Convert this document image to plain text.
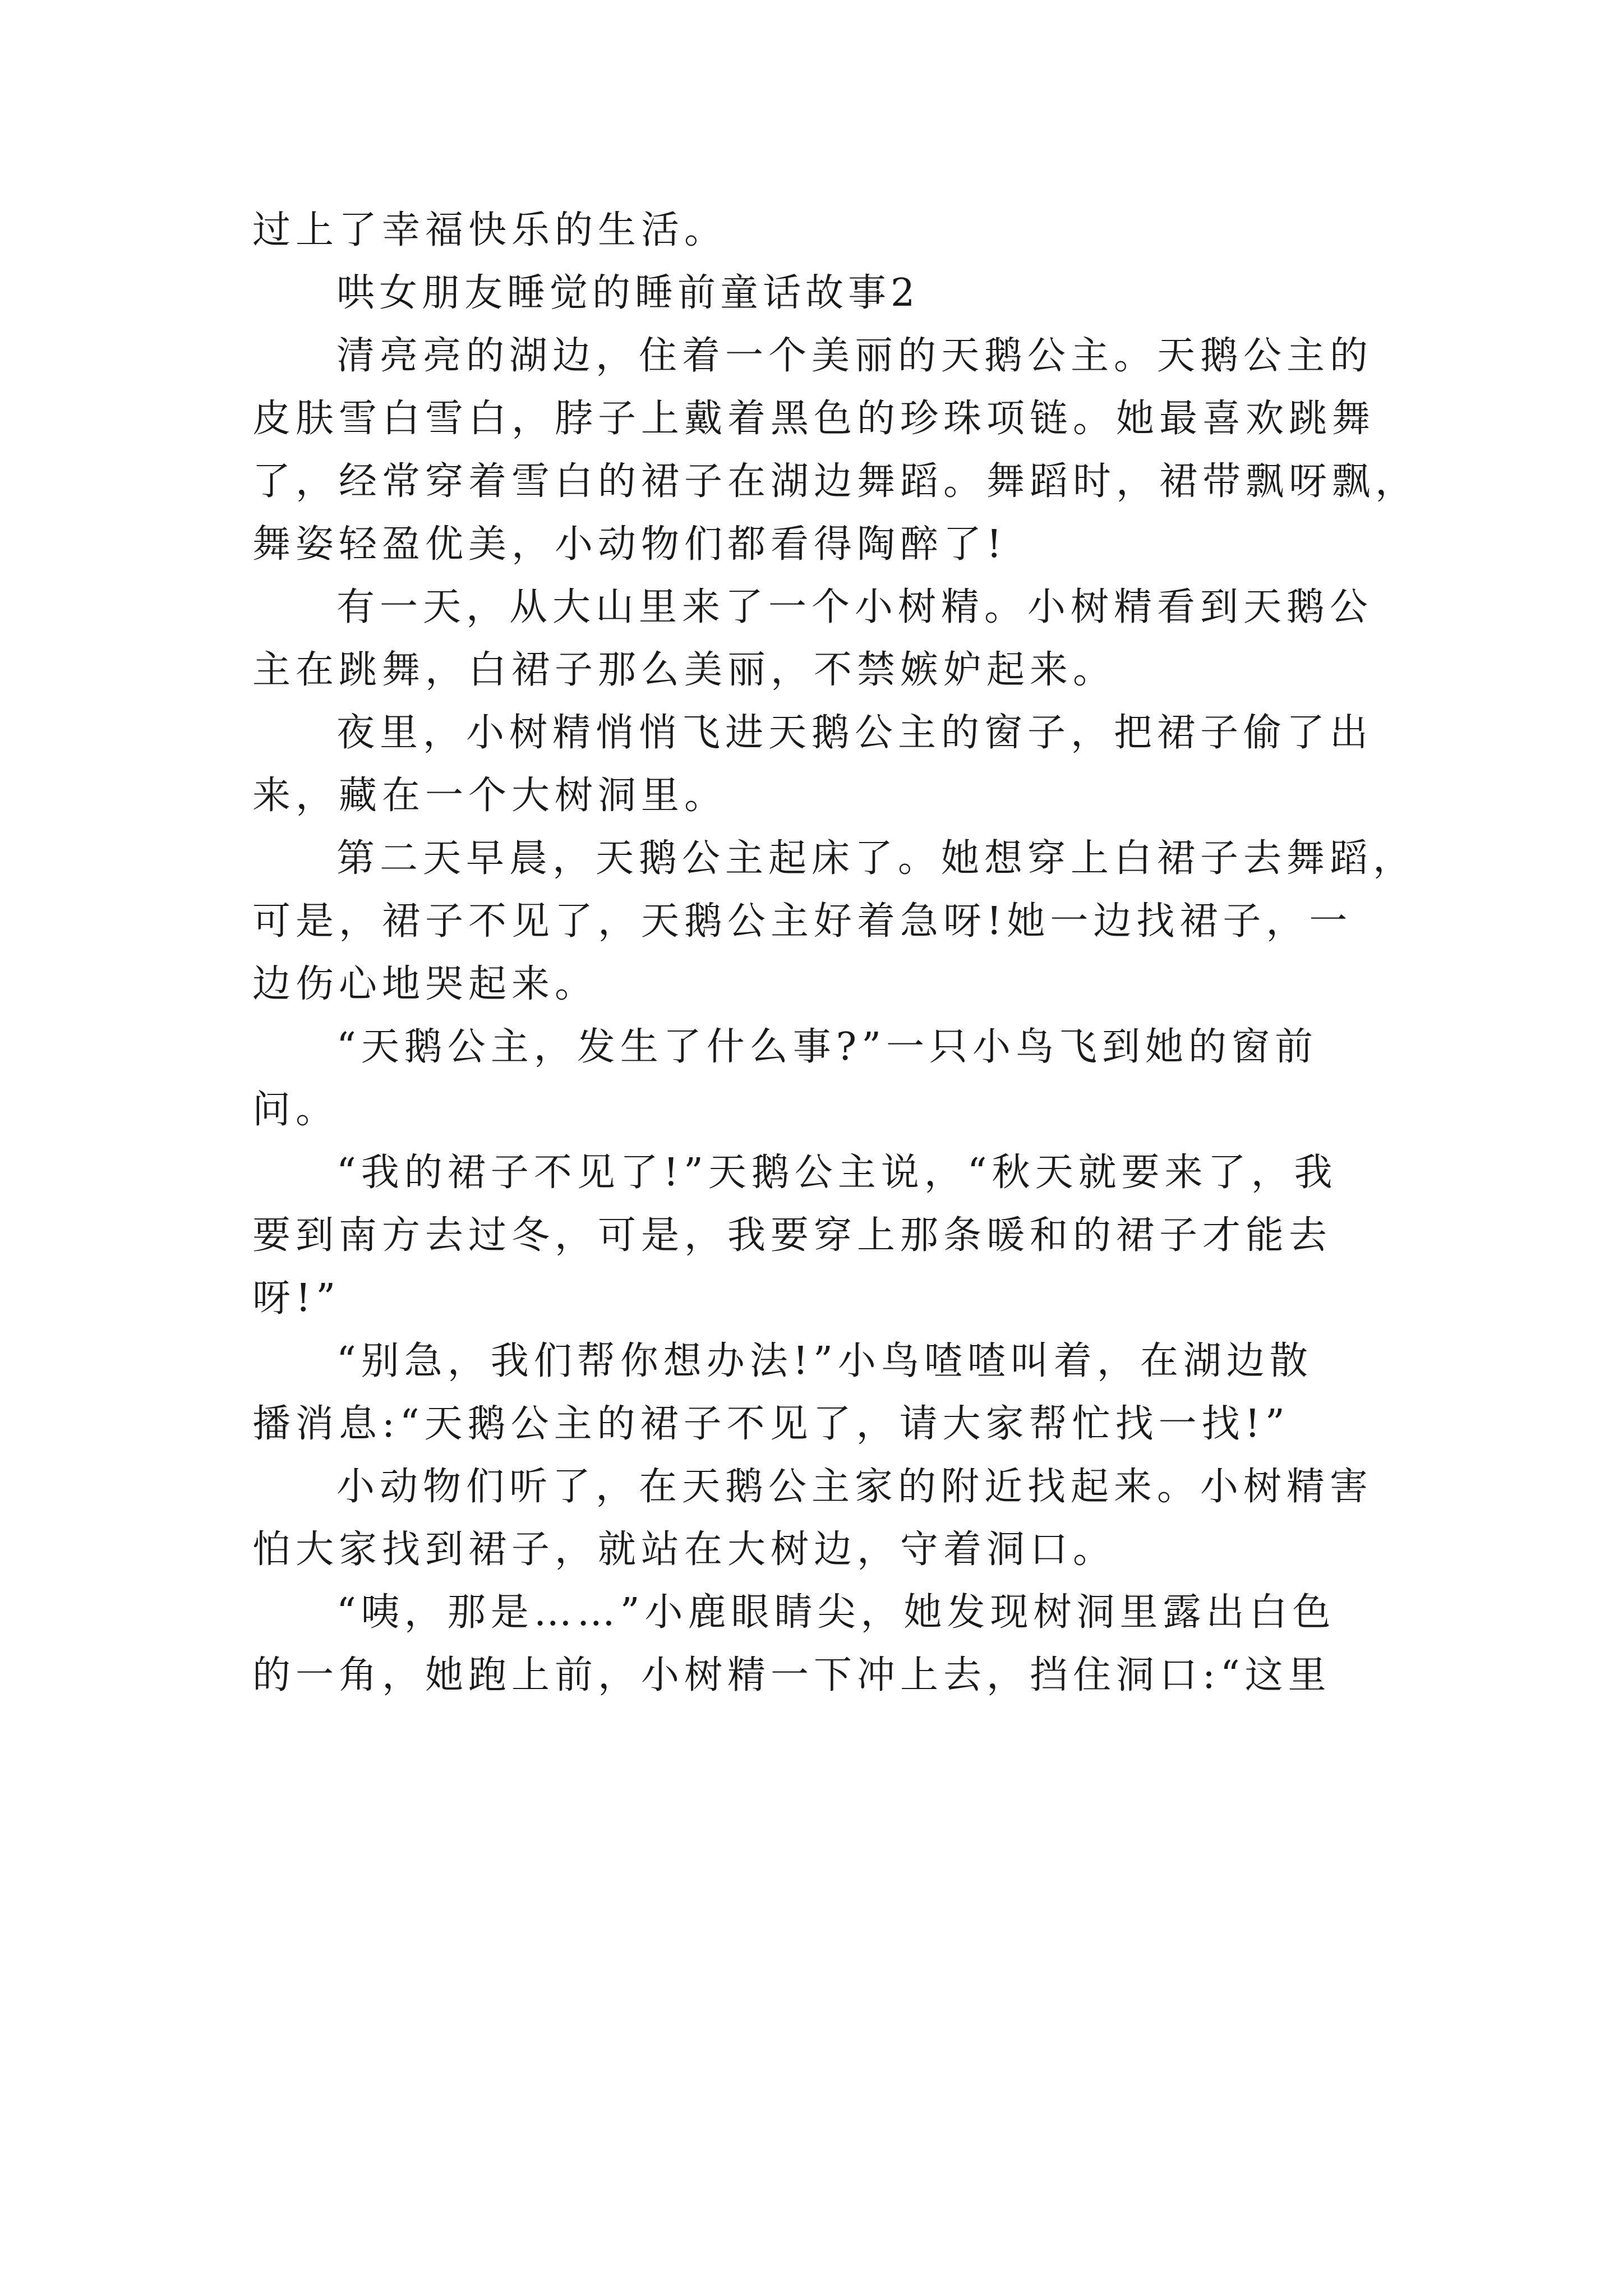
过上了幸福快乐的生活。
哄女朋友睡觉的睡前童话故事2
清亮亮的湖边，住着一个美丽的天鹅公主。天鹅公主的
皮肤雪白雪白，脖子上戴着黑色的珍珠项链。她最喜欢跳舞
了，经常穿着雪白的裙子在湖边舞蹈。舞蹈时，裙带飘呀飘，
舞姿轻盈优美，小动物们都看得陶醉了!
有一天，从大山里来了一个小树精。小树精看到天鹅公
主在跳舞，白裙子那么美丽，不禁嫉妒起来。
夜里，小树精悄悄飞进天鹅公主的窗子，把裙子偷了出
来，藏在一个大树洞里。
第二天早晨，天鹅公主起床了。她想穿上白裙子去舞蹈，
可是，裙子不见了，天鹅公主好着急呀!她一边找裙子，一
边伤心地哭起来。
“天鹅公主，发生了什么事?”一只小鸟飞到她的窗前
问。
“我的裙子不见了!”天鹅公主说，“秋天就要来了，我
要到南方去过冬，可是，我要穿上那条暖和的裙子才能去
呀!”
“别急，我们帮你想办法!”小鸟喳喳叫着，在湖边散
播消息:“天鹅公主的裙子不见了，请大家帮忙找一找!”
小动物们听了，在天鹅公主家的附近找起来。小树精害
怕大家找到裙子，就站在大树边，守着洞口。
“咦，那是……”小鹿眼睛尖，她发现树洞里露出白色
的一角，她跑上前，小树精一下冲上去，挡住洞口:“这里
